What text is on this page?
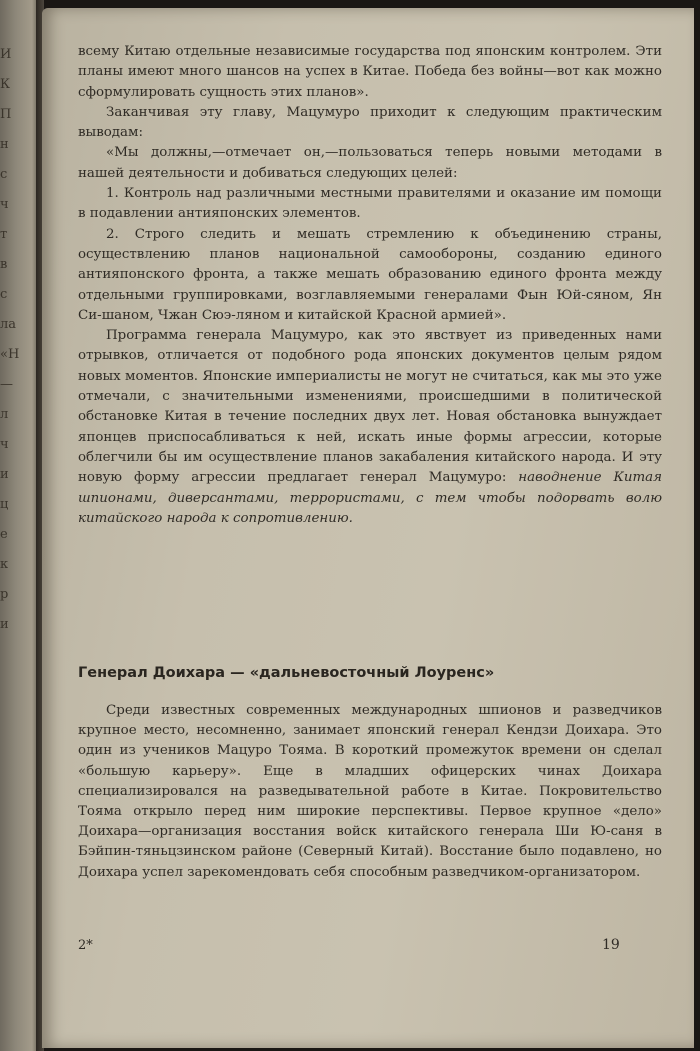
И
К
П
н
с
ч
т
в
с
ла
«Н
—
л
ч
и
ц
е
к
р
и

всему Китаю отдельные независимые государства под японским контролем. Эти планы имеют много шансов на успех в Китае. Победа без войны—вот как можно сформулировать сущность этих планов».

Заканчивая эту главу, Мацумуро приходит к следующим практическим выводам:

«Мы должны,—отмечает он,—пользоваться теперь новыми методами в нашей деятельности и добиваться следующих целей:

1. Контроль над различными местными правителями и оказание им помощи в подавлении антияпонских элементов.

2. Строго следить и мешать стремлению к объединению страны, осуществлению планов национальной самообороны, созданию единого антияпонского фронта, а также мешать образованию единого фронта между отдельными группировками, возглавляемыми генералами Фын Юй-сяном, Ян Си-шаном, Чжан Сюэ-ляном и китайской Красной армией».

Программа генерала Мацумуро, как это явствует из приведенных нами отрывков, отличается от подобного рода японских документов целым рядом новых моментов. Японские империалисты не могут не считаться, как мы это уже отмечали, с значительными изменениями, происшедшими в политической обстановке Китая в течение последних двух лет. Новая обстановка вынуждает японцев приспосабливаться к ней, искать иные формы агрессии, которые облегчили бы им осуществление планов закабаления китайского народа. И эту новую форму агрессии предлагает генерал Мацумуро: наводнение Китая шпионами, диверсантами, террористами, с тем чтобы подорвать волю китайского народа к сопротивлению.

Генерал Доихара — «дальневосточный Лоуренс»

Среди известных современных международных шпионов и разведчиков крупное место, несомненно, занимает японский генерал Кендзи Доихара. Это один из учеников Мацуро Тояма. В короткий промежуток времени он сделал «большую карьеру». Еще в младших офицерских чинах Доихара специализировался на разведывательной работе в Китае. Покровительство Тояма открыло перед ним широкие перспективы. Первое крупное «дело» Доихара—организация восстания войск китайского генерала Ши Ю-саня в Бэйпин-тяньцзинском районе (Северный Китай). Восстание было подавлено, но Доихара успел зарекомендовать себя способным разведчиком-организатором.

2*	19
